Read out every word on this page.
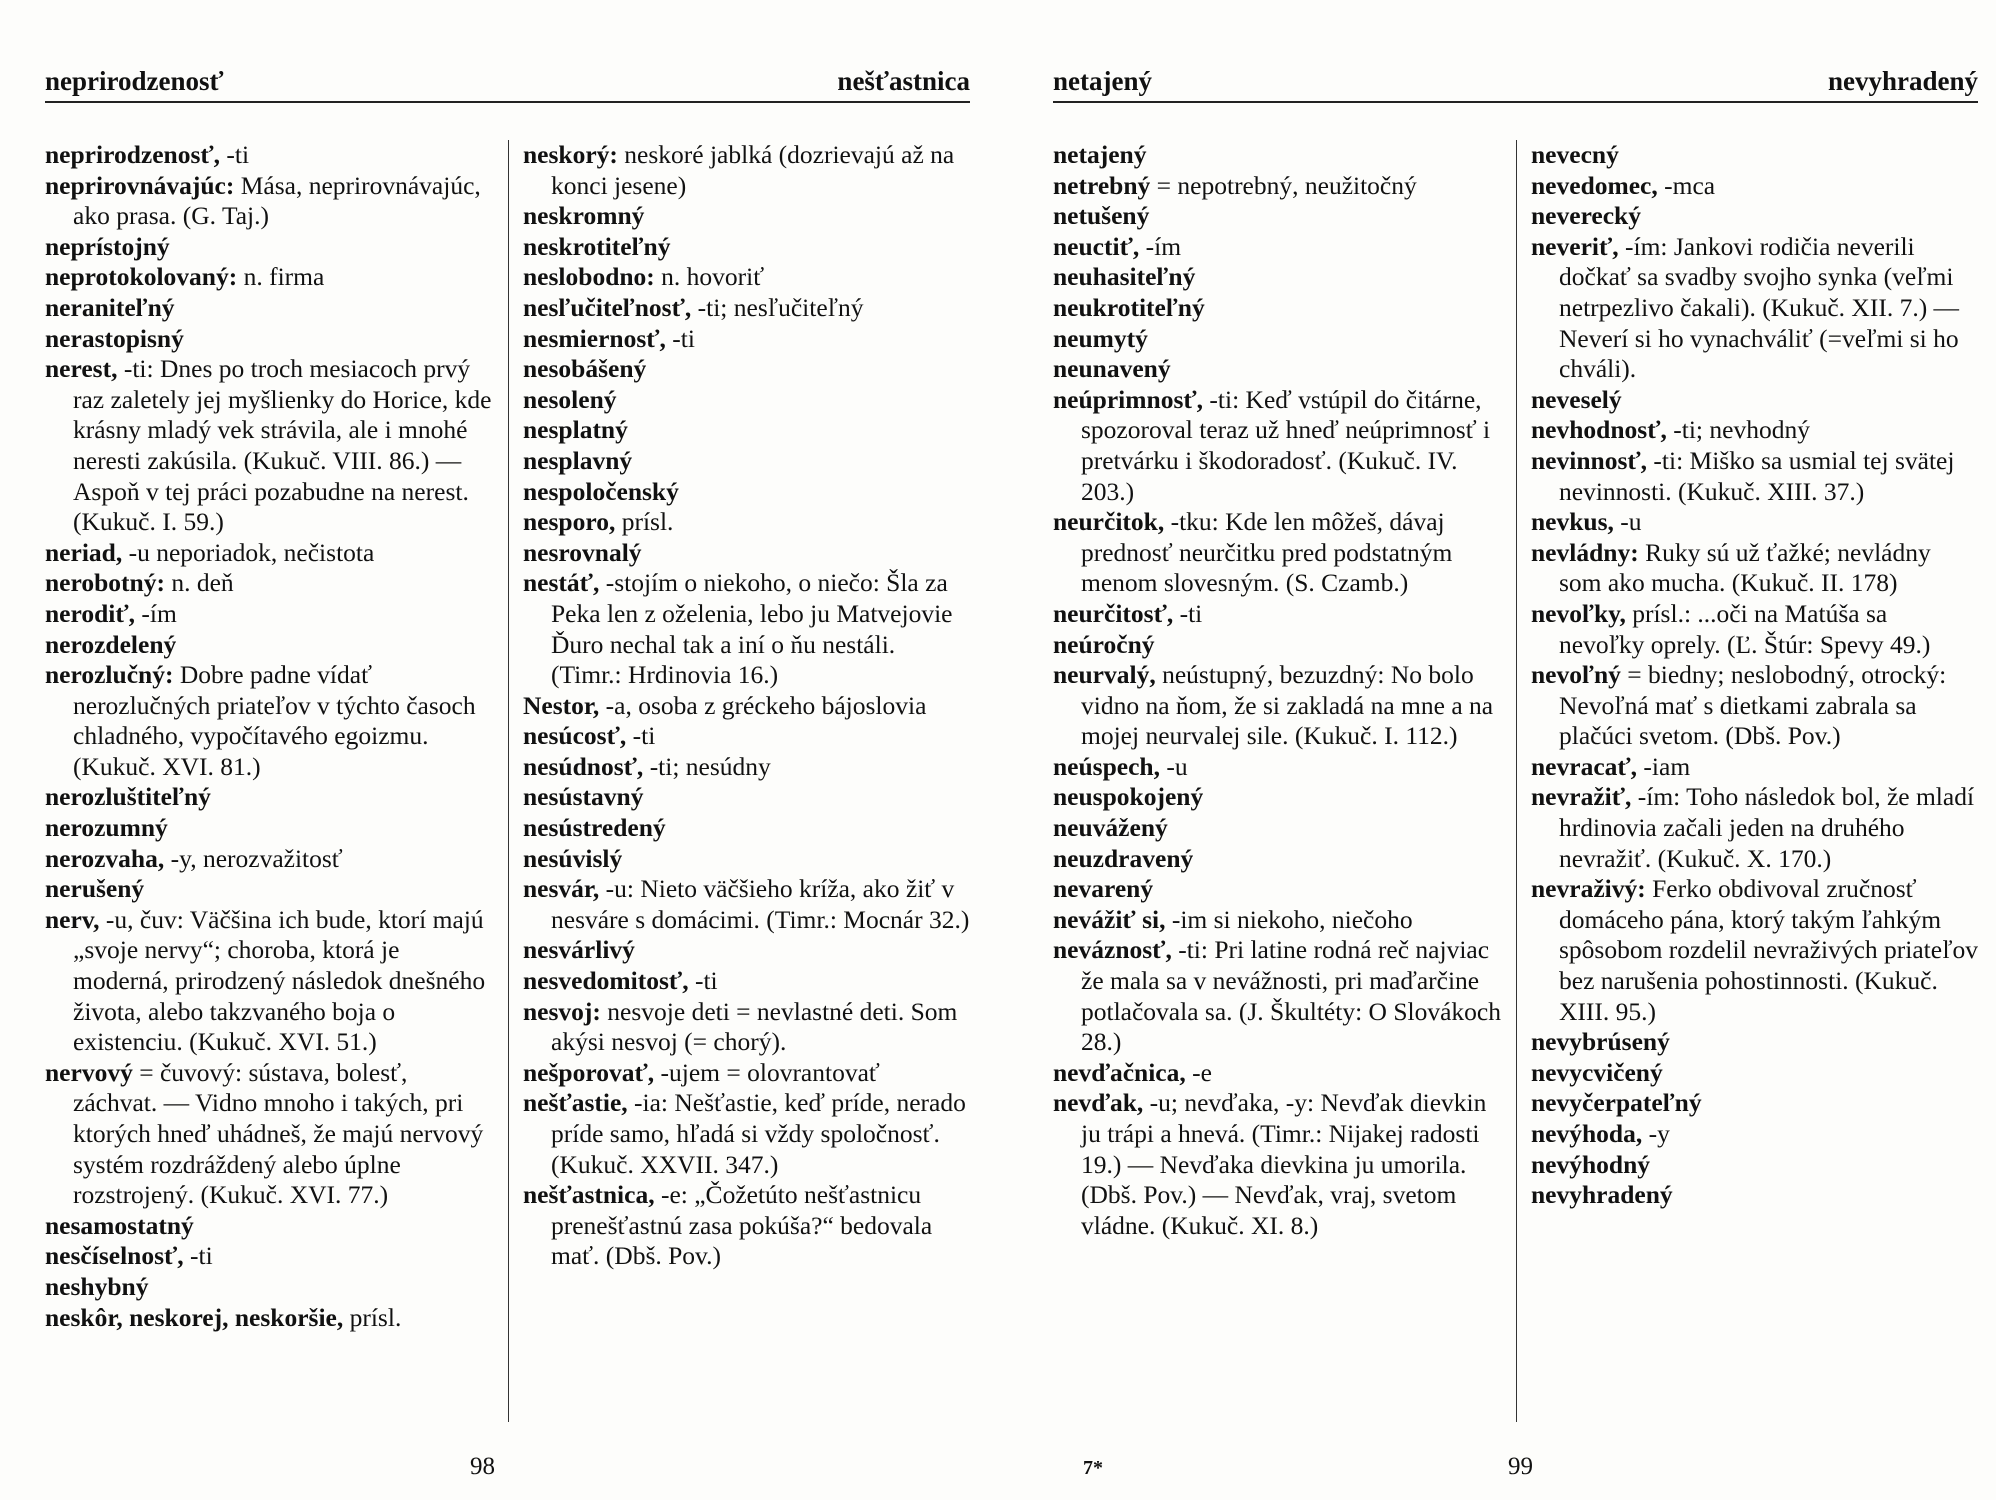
neprirodzenosť	nešťastnica
neprirodzenosť, -ti
neprirovnávajúc: Mása, neprirovnávajúc, ako prasa. (G. Taj.)
neprístojný
neprotokolovaný: n. firma
neraniteľný
nerastopisný
nerest, -ti: Dnes po troch mesiacoch prvý raz zaletely jej myšlienky do Horice, kde krásny mladý vek strávila, ale i mnohé neresti zakúsila. (Kukuč. VIII. 86.) — Aspoň v tej práci pozabudne na nerest. (Kukuč. I. 59.)
neriad, -u neporiadok, nečistota
nerobotný: n. deň
nerodiť, -ím
nerozdelený
nerozlučný: Dobre padne vídať nerozlučných priateľov v týchto časoch chladného, vypočítavého egoizmu. (Kukuč. XVI. 81.)
nerozluštiteľný
nerozumný
nerozvaha, -y, nerozvažitosť
nerušený
nerv, -u, čuv: Väčšina ich bude, ktorí majú „svoje nervy“; choroba, ktorá je moderná, prirodzený následok dnešného života, alebo takzvaného boja o existenciu. (Kukuč. XVI. 51.)
nervový = čuvový: sústava, bolesť, záchvat. — Vidno mnoho i takých, pri ktorých hneď uhádneš, že majú nervový systém rozdráždený alebo úplne rozstrojený. (Kukuč. XVI. 77.)
nesamostatný
nesčíselnosť, -ti
neshybný
neskôr, neskorej, neskoršie, prísl.
neskorý: neskoré jablká (dozrievajú až na konci jesene)
neskromný
neskrotiteľný
neslobodno: n. hovoriť
nesľučiteľnosť, -ti; nesľučiteľný
nesmiernosť, -ti
nesobášený
nesolený
nesplatný
nesplavný
nespoločenský
nesporo, prísl.
nesrovnalý
nestáť, -stojím o niekoho, o niečo: Šla za Peka len z oželenia, lebo ju Matvejovie Ďuro nechal tak a iní o ňu nestáli. (Timr.: Hrdinovia 16.)
Nestor, -a, osoba z gréckeho bájoslovia
nesúcosť, -ti
nesúdnosť, -ti; nesúdny
nesústavný
nesústredený
nesúvislý
nesvár, -u: Nieto väčšieho kríža, ako žiť v nesváre s domácimi. (Timr.: Mocnár 32.)
nesvárlivý
nesvedomitosť, -ti
nesvoj: nesvoje deti = nevlastné deti. Som akýsi nesvoj (= chorý).
nešporovať, -ujem = olovrantovať
nešťastie, -ia: Nešťastie, keď príde, nerado príde samo, hľadá si vždy spoločnosť. (Kukuč. XXVII. 347.)
nešťastnica, -e: „Čožetúto nešťastnicu prenešťastnú zasa pokúša?“ bedovala mať. (Dbš. Pov.)
98
netajený	nevyhradený
netajený
netrebný = nepotrebný, neužitočný
netušený
neuctiť, -ím
neuhasiteľný
neukrotiteľný
neumytý
neunavený
neúprimnosť, -ti: Keď vstúpil do čitárne, spozoroval teraz už hneď neúprimnosť i pretvárku i škodoradosť. (Kukuč. IV. 203.)
neurčitok, -tku: Kde len môžeš, dávaj prednosť neurčitku pred podstatným menom slovesným. (S. Czamb.)
neurčitosť, -ti
neúročný
neurvalý, neústupný, bezuzdný: No bolo vidno na ňom, že si zakladá na mne a na mojej neurvalej sile. (Kukuč. I. 112.)
neúspech, -u
neuspokojený
neuvážený
neuzdravený
nevarený
nevážiť si, -im si niekoho, niečoho
neváznosť, -ti: Pri latine rodná reč najviac že mala sa v nevážnosti, pri maďarčine potlačovala sa. (J. Škultéty: O Slovákoch 28.)
nevďačnica, -e
nevďak, -u; nevďaka, -y: Nevďak dievkin ju trápi a hnevá. (Timr.: Nijakej radosti 19.) — Nevďaka dievkina ju umorila. (Dbš. Pov.) — Nevďak, vraj, svetom vládne. (Kukuč. XI. 8.)
nevecný
nevedomec, -mca
neverecký
neveriť, -ím: Jankovi rodičia neverili dočkať sa svadby svojho synka (veľmi netrpezlivo čakali). (Kukuč. XII. 7.) — Neverí si ho vynachváliť (=veľmi si ho chváli).
neveselý
nevhodnosť, -ti; nevhodný
nevinnosť, -ti: Miško sa usmial tej svätej nevinnosti. (Kukuč. XIII. 37.)
nevkus, -u
nevládny: Ruky sú už ťažké; nevládny som ako mucha. (Kukuč. II. 178)
nevoľky, prísl.: ...oči na Matúša sa nevoľky oprely. (Ľ. Štúr: Spevy 49.)
nevoľný = biedny; neslobodný, otrocký: Nevoľná mať s dietkami zabrala sa plačúci svetom. (Dbš. Pov.)
nevracať, -iam
nevražiť, -ím: Toho následok bol, že mladí hrdinovia začali jeden na druhého nevražiť. (Kukuč. X. 170.)
nevraživý: Ferko obdivoval zručnosť domáceho pána, ktorý takým ľahkým spôsobom rozdelil nevraživých priateľov bez narušenia pohostinnosti. (Kukuč. XIII. 95.)
nevybrúsený
nevycvičený
nevyčerpateľný
nevýhoda, -y
nevýhodný
nevyhradený
7*	99
